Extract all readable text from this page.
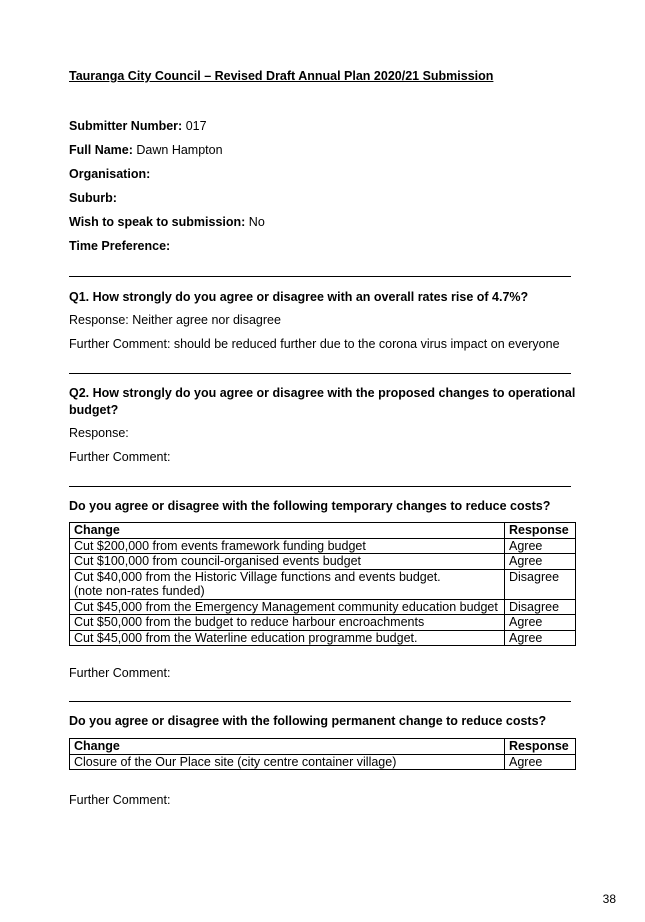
Tauranga City Council – Revised Draft Annual Plan 2020/21 Submission
Submitter Number: 017
Full Name: Dawn Hampton
Organisation:
Suburb:
Wish to speak to submission: No
Time Preference:
Q1. How strongly do you agree or disagree with an overall rates rise of 4.7%?
Response: Neither agree nor disagree
Further Comment: should be reduced further due to the corona virus impact on everyone
Q2. How strongly do you agree or disagree with the proposed changes to operational budget?
Response:
Further Comment:
Do you agree or disagree with the following temporary changes to reduce costs?
Change	Response
Cut $200,000 from events framework funding budget	Agree
Cut $100,000 from council-organised events budget	Agree

Cut $40,000 from the Historic Village functions and events budget.
(note non-rates funded)	Disagree
Cut $45,000 from the Emergency Management community education budget	Disagree
Cut $50,000 from the budget to reduce harbour encroachments	Agree
Cut $45,000 from the Waterline education programme budget.	Agree
Further Comment:
Do you agree or disagree with the following permanent change to reduce costs?
Change	Response
Closure of the Our Place site (city centre container village)	Agree
Further Comment:
38
